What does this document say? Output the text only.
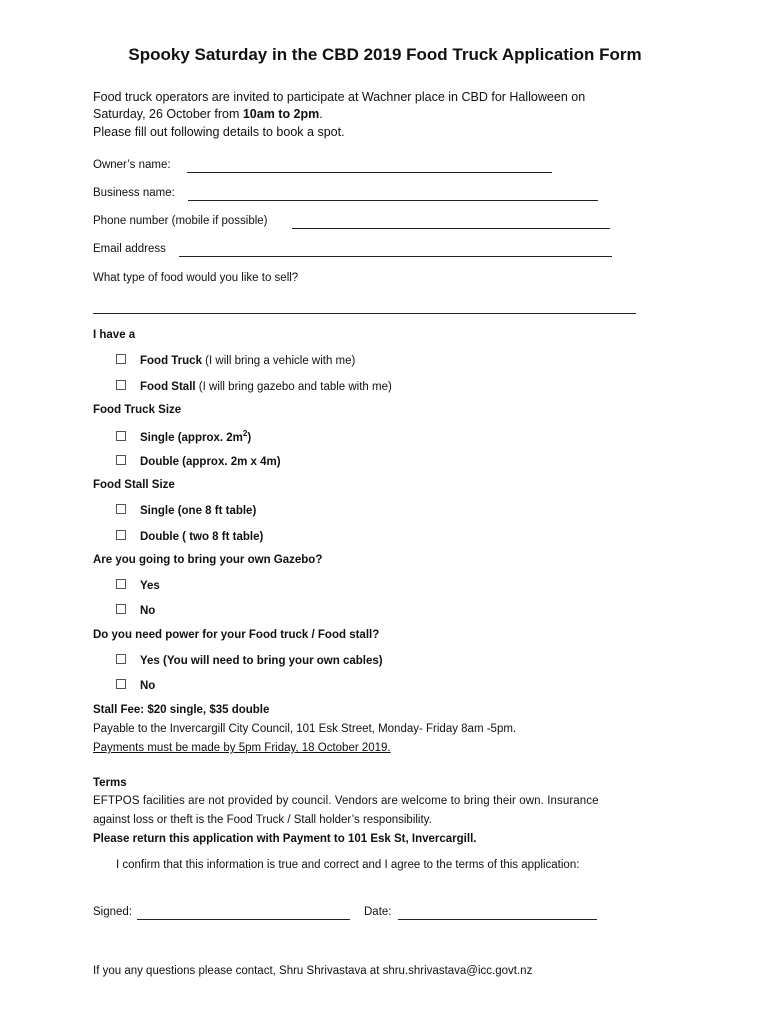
Spooky Saturday in the CBD 2019 Food Truck Application Form
Food truck operators are invited to participate at Wachner place in CBD for Halloween on
Saturday, 26 October from 10am to 2pm.
Please fill out following details to book a spot.
Owner’s name:
Business name:
Phone number (mobile if possible)
Email address
What type of food would you like to sell?
I have a
Food Truck (I will bring a vehicle with me)
Food Stall (I will bring gazebo and table with me)
Food Truck Size
Single (approx. $2m^2$)
Double (approx. 2m x 4m)
Food Stall Size
Single (one 8 ft table)
Double ( two 8 ft table)
Are you going to bring your own Gazebo?
Yes
No
Do you need power for your Food truck / Food stall?
Yes (You will need to bring your own cables)
No
Stall Fee: $20 single, $35 double
Payable to the Invercargill City Council, 101 Esk Street, Monday- Friday 8am -5pm.
Payments must be made by 5pm Friday, 18 October 2019.
Terms
EFTPOS facilities are not provided by council. Vendors are welcome to bring their own. Insurance
against loss or theft is the Food Truck / Stall holder’s responsibility.
Please return this application with Payment to 101 Esk St, Invercargill.
I confirm that this information is true and correct and I agree to the terms of this application:
Signed:	Date:
If you any questions please contact, Shru Shrivastava at shru.shrivastava@icc.govt.nz
